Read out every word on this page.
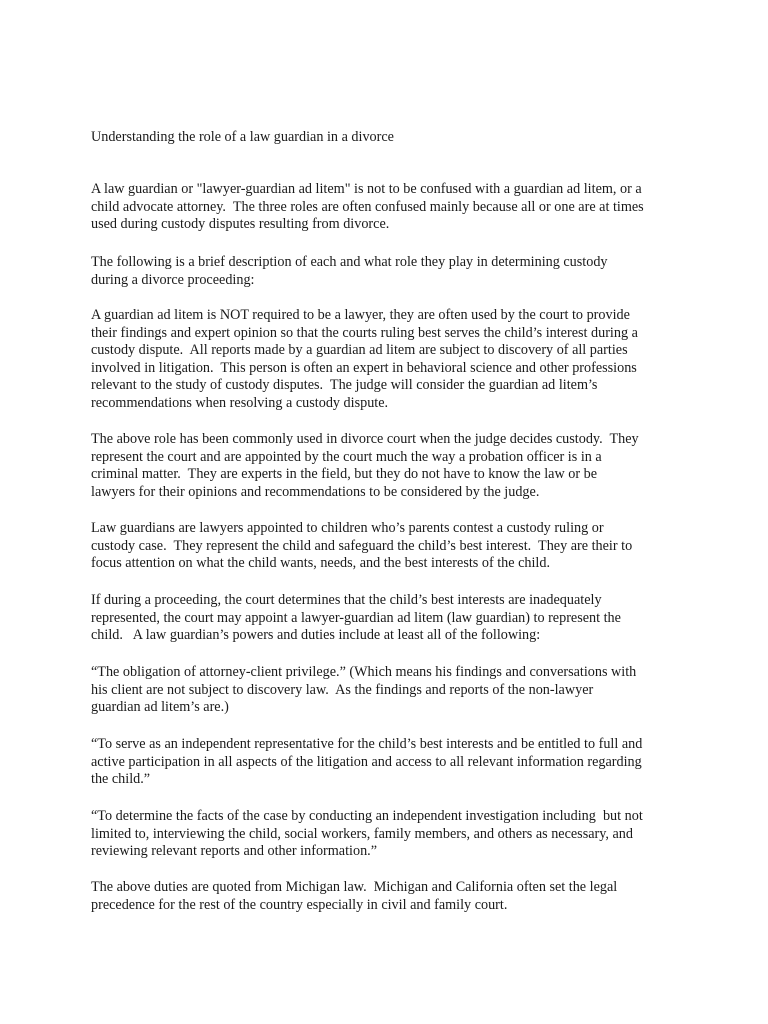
Understanding the role of a law guardian in a divorce

A law guardian or "lawyer-guardian ad litem" is not to be confused with a guardian ad litem, or a
child advocate attorney.  The three roles are often confused mainly because all or one are at times
used during custody disputes resulting from divorce.

The following is a brief description of each and what role they play in determining custody
during a divorce proceeding:

A guardian ad litem is NOT required to be a lawyer, they are often used by the court to provide
their findings and expert opinion so that the courts ruling best serves the child’s interest during a
custody dispute.  All reports made by a guardian ad litem are subject to discovery of all parties
involved in litigation.  This person is often an expert in behavioral science and other professions
relevant to the study of custody disputes.  The judge will consider the guardian ad litem’s
recommendations when resolving a custody dispute.

The above role has been commonly used in divorce court when the judge decides custody.  They
represent the court and are appointed by the court much the way a probation officer is in a
criminal matter.  They are experts in the field, but they do not have to know the law or be
lawyers for their opinions and recommendations to be considered by the judge.

Law guardians are lawyers appointed to children who’s parents contest a custody ruling or
custody case.  They represent the child and safeguard the child’s best interest.  They are their to
focus attention on what the child wants, needs, and the best interests of the child.

If during a proceeding, the court determines that the child’s best interests are inadequately
represented, the court may appoint a lawyer-guardian ad litem (law guardian) to represent the
child.   A law guardian’s powers and duties include at least all of the following:

“The obligation of attorney-client privilege.” (Which means his findings and conversations with
his client are not subject to discovery law.  As the findings and reports of the non-lawyer
guardian ad litem’s are.)

“To serve as an independent representative for the child’s best interests and be entitled to full and
active participation in all aspects of the litigation and access to all relevant information regarding
the child.”

“To determine the facts of the case by conducting an independent investigation including  but not
limited to, interviewing the child, social workers, family members, and others as necessary, and
reviewing relevant reports and other information.”

The above duties are quoted from Michigan law.  Michigan and California often set the legal
precedence for the rest of the country especially in civil and family court.
